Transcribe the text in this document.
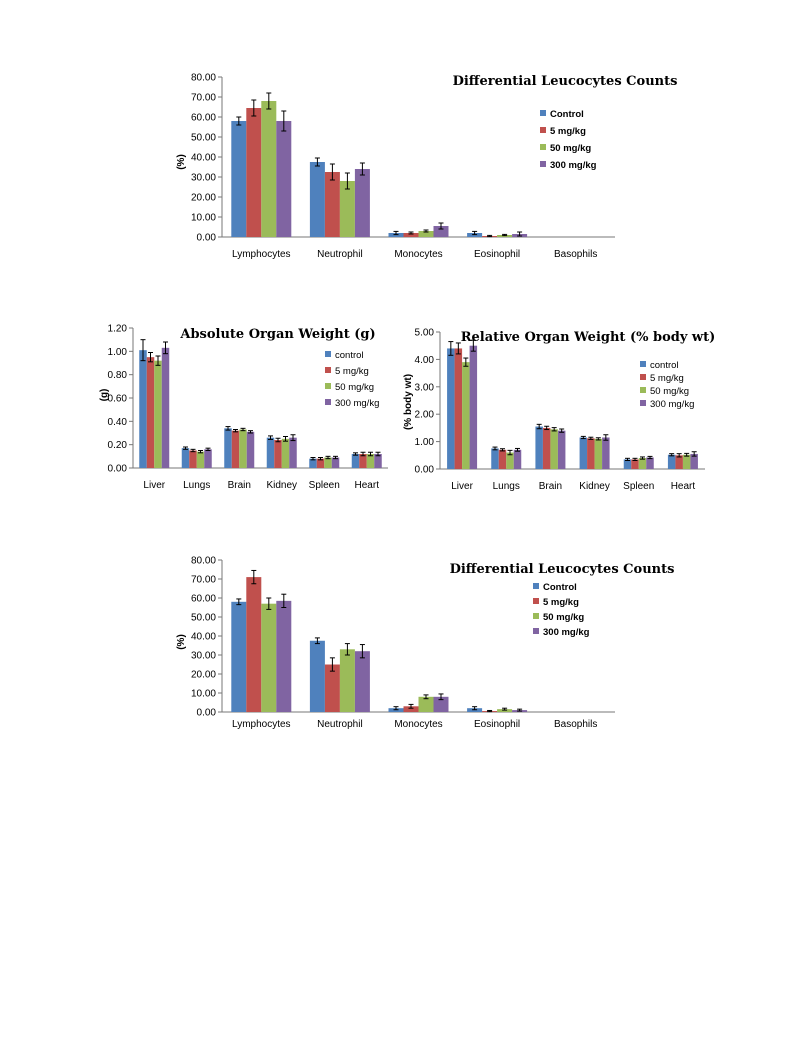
Differential Leucocytes Counts
(%)
0.00
10.00
20.00
30.00
40.00
50.00
60.00
70.00
80.00
Lymphocytes	Neutrophil	Monocytes	Eosinophil	Basophils
Control
5 mg/kg
50 mg/kg
300 mg/kg
Absolute Organ Weight (g)
(g)
0.00
0.20
0.40
0.60
0.80
1.00
1.20
Liver Lungs Brain Kidney Spleen Heart
control
5 mg/kg
50 mg/kg
300 mg/kg
Relative Organ Weight (% body wt)
(% body wt)
0.00
1.00
2.00
3.00
4.00
5.00
Liver Lungs Brain Kidney Spleen Heart
control
5 mg/kg
50 mg/kg
300 mg/kg
Differential Leucocytes Counts
(%)
0.00
10.00
20.00
30.00
40.00
50.00
60.00
70.00
80.00
Lymphocytes	Neutrophil	Monocytes	Eosinophil	Basophils
Control
5 mg/kg
50 mg/kg
300 mg/kg
